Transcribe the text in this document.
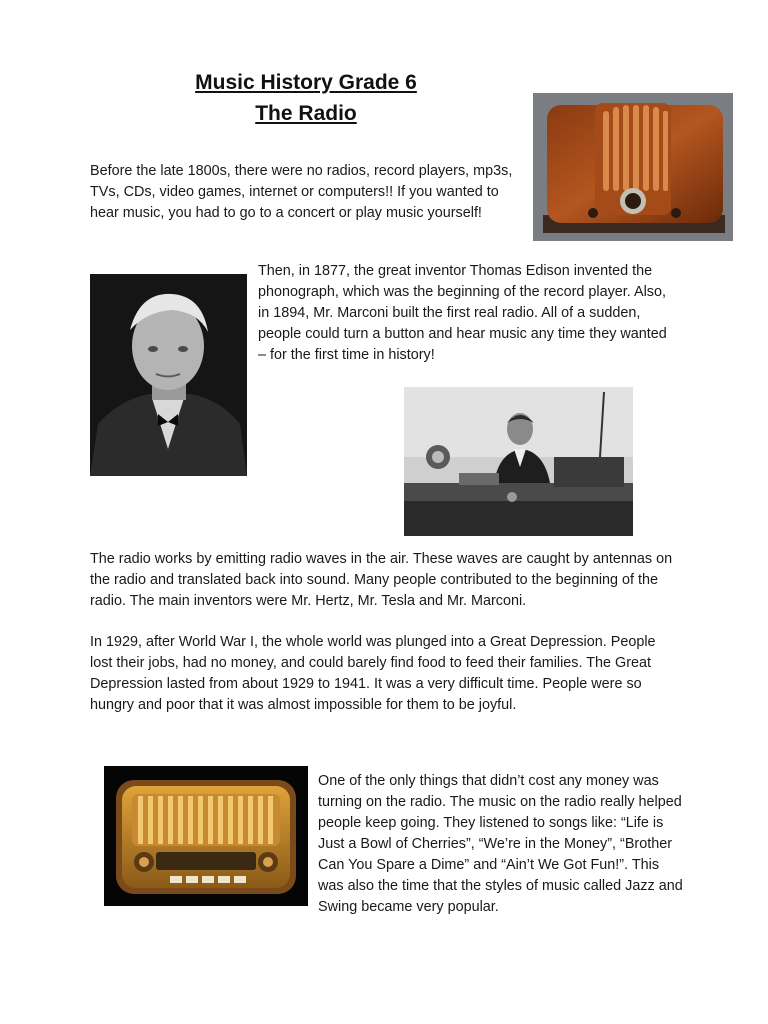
Music History Grade 6
The Radio

Before the late 1800s, there were no radios, record players, mp3s, TVs, CDs, video games, internet or computers!! If you wanted to hear music, you had to go to a concert or play music yourself!

Then, in 1877, the great inventor Thomas Edison invented the phonograph, which was the beginning of the record player. Also, in 1894, Mr. Marconi built the first real radio. All of a sudden, people could turn a button and hear music any time they wanted – for the first time in history!

The radio works by emitting radio waves in the air. These waves are caught by antennas on the radio and translated back into sound. Many people contributed to the beginning of the radio. The main inventors were Mr. Hertz, Mr. Tesla and Mr. Marconi.

In 1929, after World War I, the whole world was plunged into a Great Depression. People lost their jobs, had no money, and could barely find food to feed their families. The Great Depression lasted from about 1929 to 1941. It was a very difficult time. People were so hungry and poor that it was almost impossible for them to be joyful.

One of the only things that didn’t cost any money was turning on the radio. The music on the radio really helped people keep going. They listened to songs like: “Life is Just a Bowl of Cherries”, “We’re in the Money”, “Brother Can You Spare a Dime” and “Ain’t We Got Fun!”. This was also the time that the styles of music called Jazz and Swing became very popular.
